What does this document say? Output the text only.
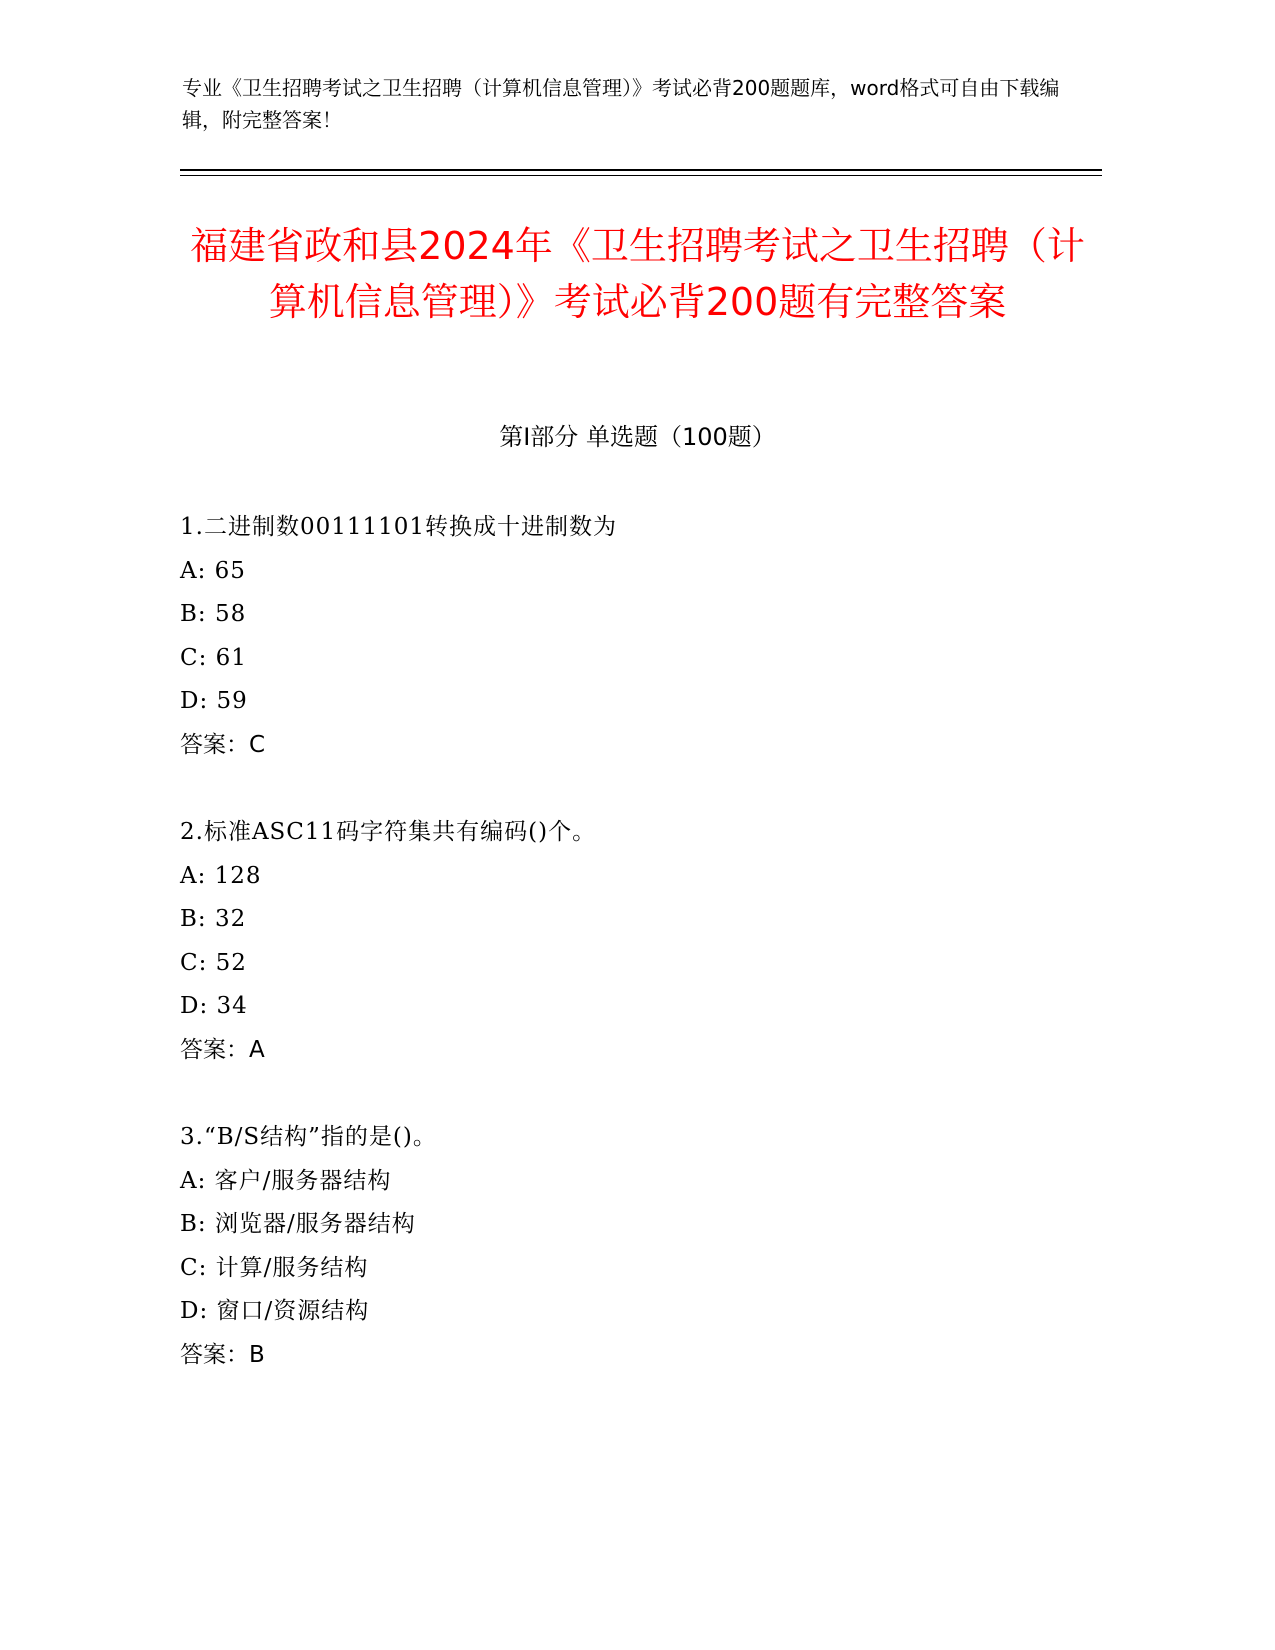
专业《卫生招聘考试之卫生招聘（计算机信息管理）》考试必背200题题库，word格式可自由下载编辑，附完整答案！
福建省政和县2024年《卫生招聘考试之卫生招聘（计算机信息管理）》考试必背200题有完整答案
第Ⅰ部分 单选题（100题）
1.二进制数00111101转换成十进制数为
A: 65
B: 58
C: 61
D: 59
答案：C
2.标准ASC11码字符集共有编码()个。
A: 128
B: 32
C: 52
D: 34
答案：A
3.“B/S结构”指的是()。
A: 客户/服务器结构
B: 浏览器/服务器结构
C: 计算/服务结构
D: 窗口/资源结构
答案：B
